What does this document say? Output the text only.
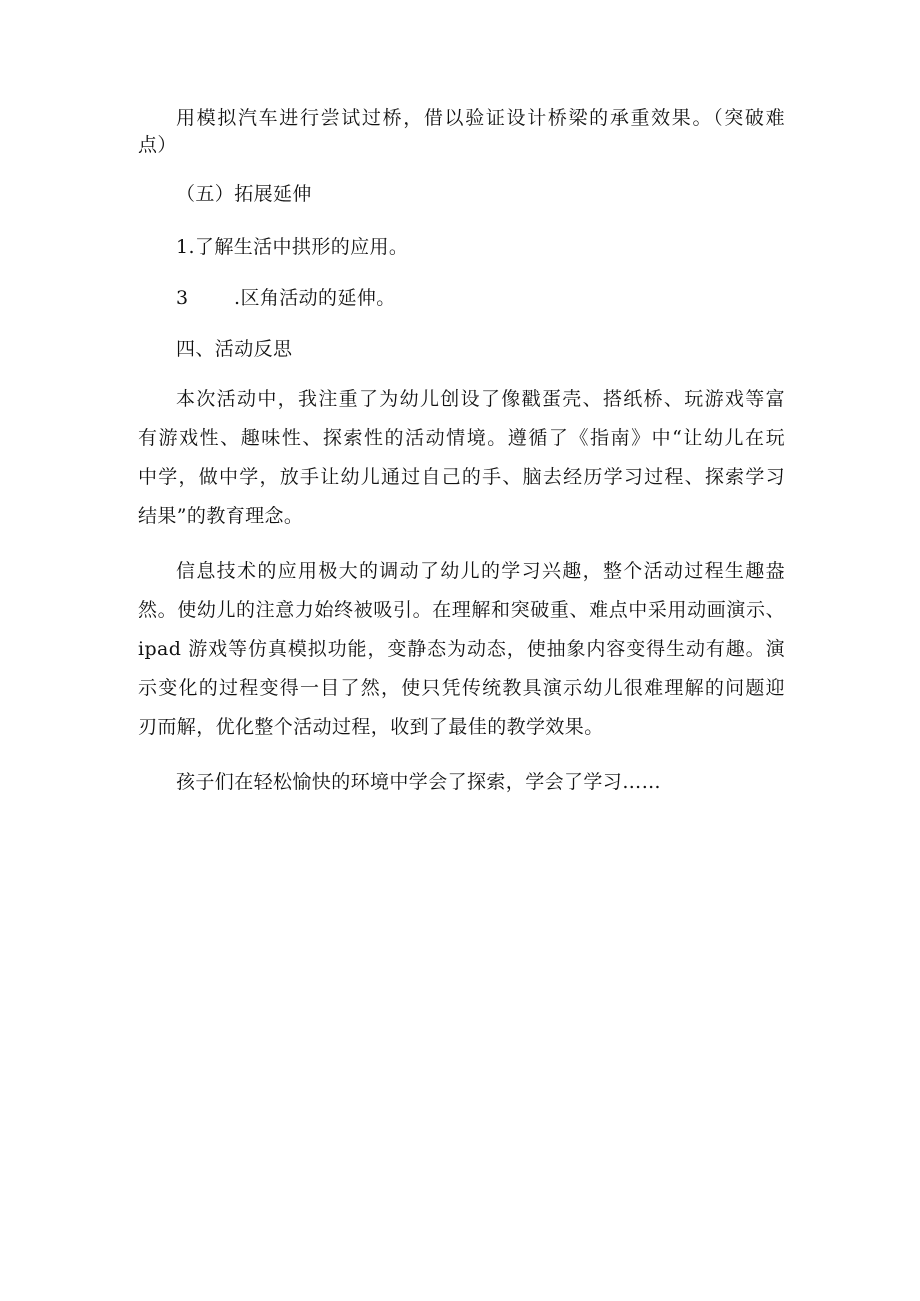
用模拟汽车进行尝试过桥，借以验证设计桥梁的承重效果。（突破难

点）

（五）拓展延伸

1.了解生活中拱形的应用。

3 .区角活动的延伸。

四、活动反思

本次活动中，我注重了为幼儿创设了像戳蛋壳、搭纸桥、玩游戏等富

有游戏性、趣味性、探索性的活动情境。遵循了《指南》中“让幼儿在玩

中学，做中学，放手让幼儿通过自己的手、脑去经历学习过程、探索学习

结果”的教育理念。

信息技术的应用极大的调动了幼儿的学习兴趣，整个活动过程生趣盎

然。使幼儿的注意力始终被吸引。在理解和突破重、难点中采用动画演示、

ipad 游戏等仿真模拟功能，变静态为动态，使抽象内容变得生动有趣。演

示变化的过程变得一目了然，使只凭传统教具演示幼儿很难理解的问题迎

刃而解，优化整个活动过程，收到了最佳的教学效果。

孩子们在轻松愉快的环境中学会了探索，学会了学习……
